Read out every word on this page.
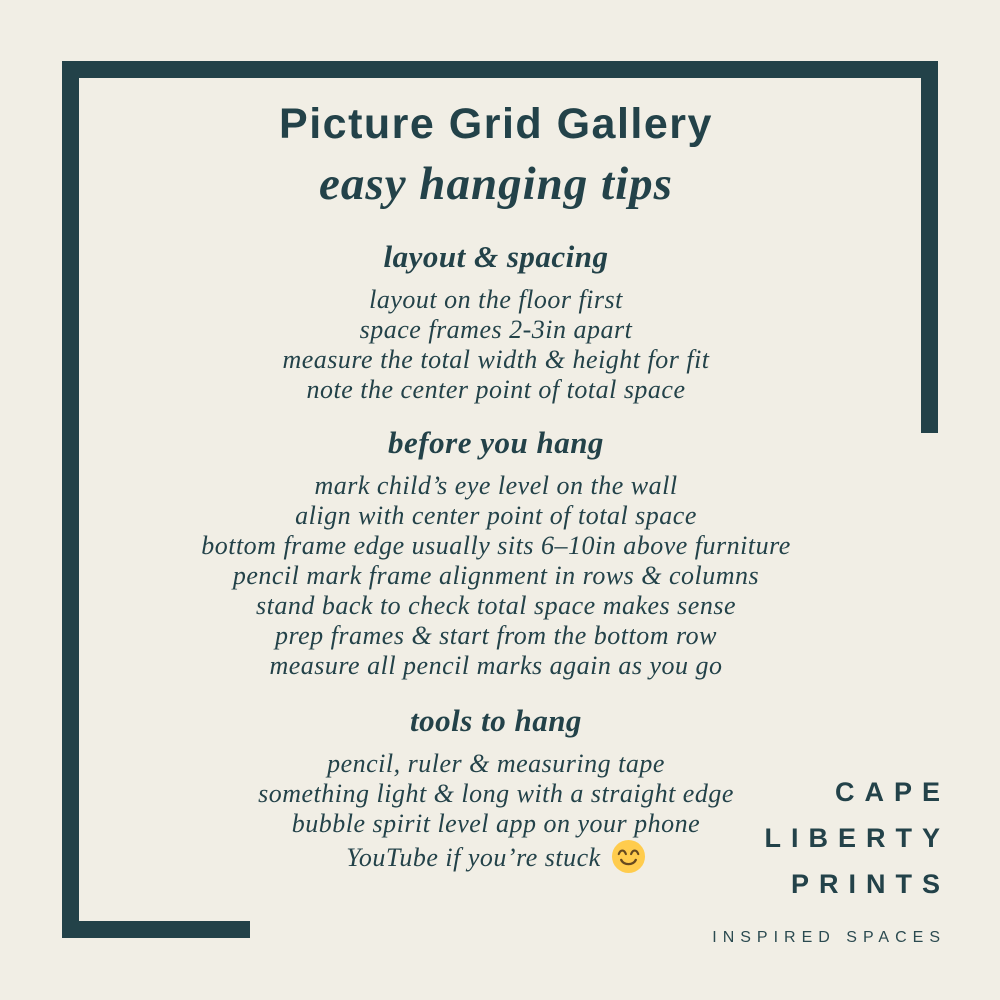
Picture Grid Gallery
easy hanging tips
layout & spacing

layout on the floor first

space frames 2-3in apart

measure the total width & height for fit

note the center point of total space

before you hang

mark child’s eye level on the wall

align with center point of total space

bottom frame edge usually sits 6–10in above furniture

pencil mark frame alignment in rows & columns

stand back to check total space makes sense

prep frames & start from the bottom row

measure all pencil marks again as you go

tools to hang

pencil, ruler & measuring tape

something light & long with a straight edge

bubble spirit level app on your phone

YouTube if you’re stuck

CAPE
LIBERTY
PRINTS
INSPIRED SPACES
